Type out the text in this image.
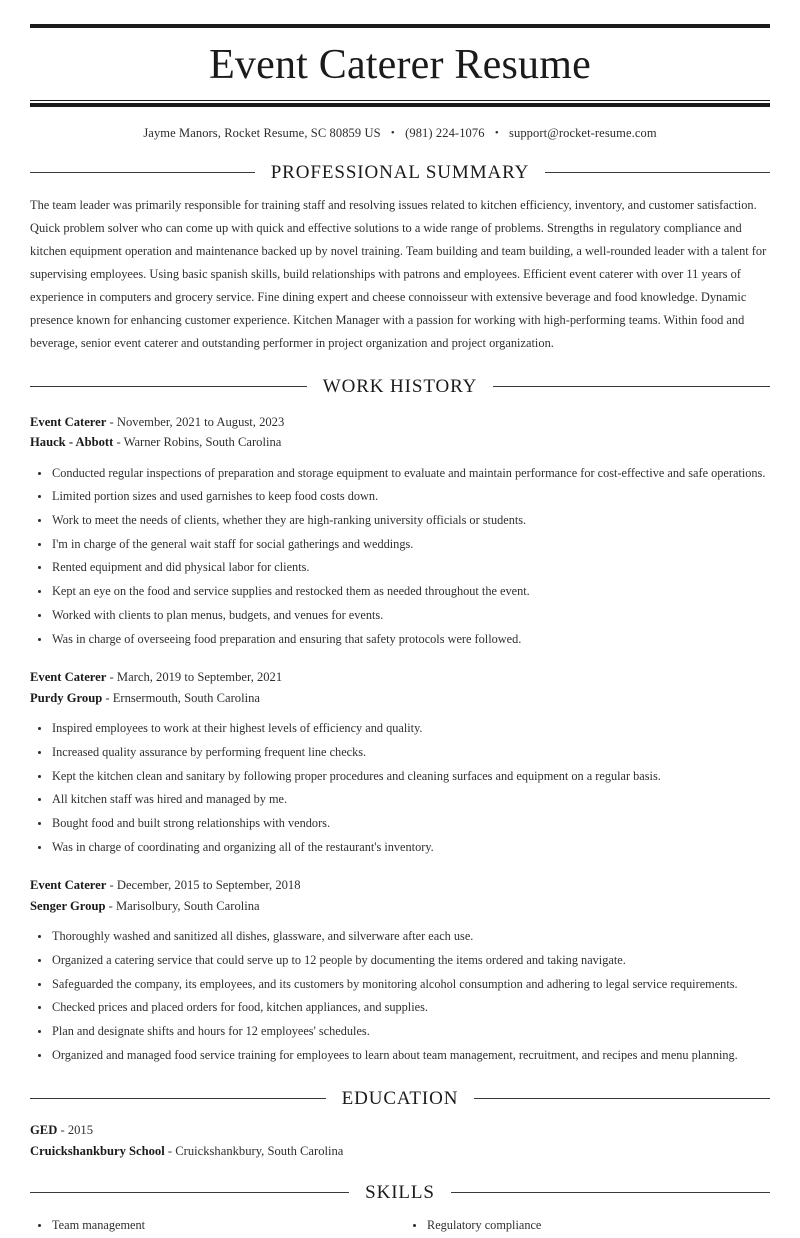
Event Caterer Resume
Jayme Manors, Rocket Resume, SC 80859 US • (981) 224-1076 • support@rocket-resume.com
PROFESSIONAL SUMMARY

The team leader was primarily responsible for training staff and resolving issues related to kitchen efficiency, inventory, and customer satisfaction. Quick problem solver who can come up with quick and effective solutions to a wide range of problems. Strengths in regulatory compliance and kitchen equipment operation and maintenance backed up by novel training. Team building and team building, a well-rounded leader with a talent for supervising employees. Using basic spanish skills, build relationships with patrons and employees. Efficient event caterer with over 11 years of experience in computers and grocery service. Fine dining expert and cheese connoisseur with extensive beverage and food knowledge. Dynamic presence known for enhancing customer experience. Kitchen Manager with a passion for working with high-performing teams. Within food and beverage, senior event caterer and outstanding performer in project organization and project organization.

WORK HISTORY
Event Caterer - November, 2021 to August, 2023
Hauck - Abbott - Warner Robins, South Carolina
Conducted regular inspections of preparation and storage equipment to evaluate and maintain performance for cost-effective and safe operations.
Limited portion sizes and used garnishes to keep food costs down.
Work to meet the needs of clients, whether they are high-ranking university officials or students.
I'm in charge of the general wait staff for social gatherings and weddings.
Rented equipment and did physical labor for clients.
Kept an eye on the food and service supplies and restocked them as needed throughout the event.
Worked with clients to plan menus, budgets, and venues for events.
Was in charge of overseeing food preparation and ensuring that safety protocols were followed.
Event Caterer - March, 2019 to September, 2021
Purdy Group - Ernsermouth, South Carolina
Inspired employees to work at their highest levels of efficiency and quality.
Increased quality assurance by performing frequent line checks.
Kept the kitchen clean and sanitary by following proper procedures and cleaning surfaces and equipment on a regular basis.
All kitchen staff was hired and managed by me.
Bought food and built strong relationships with vendors.
Was in charge of coordinating and organizing all of the restaurant's inventory.
Event Caterer - December, 2015 to September, 2018
Senger Group - Marisolbury, South Carolina
Thoroughly washed and sanitized all dishes, glassware, and silverware after each use.
Organized a catering service that could serve up to 12 people by documenting the items ordered and taking navigate.
Safeguarded the company, its employees, and its customers by monitoring alcohol consumption and adhering to legal service requirements.
Checked prices and placed orders for food, kitchen appliances, and supplies.
Plan and designate shifts and hours for 12 employees' schedules.
Organized and managed food service training for employees to learn about team management, recruitment, and recipes and menu planning.
EDUCATION
GED - 2015
Cruickshankbury School - Cruickshankbury, South Carolina
SKILLS
Team management	Regulatory compliance
